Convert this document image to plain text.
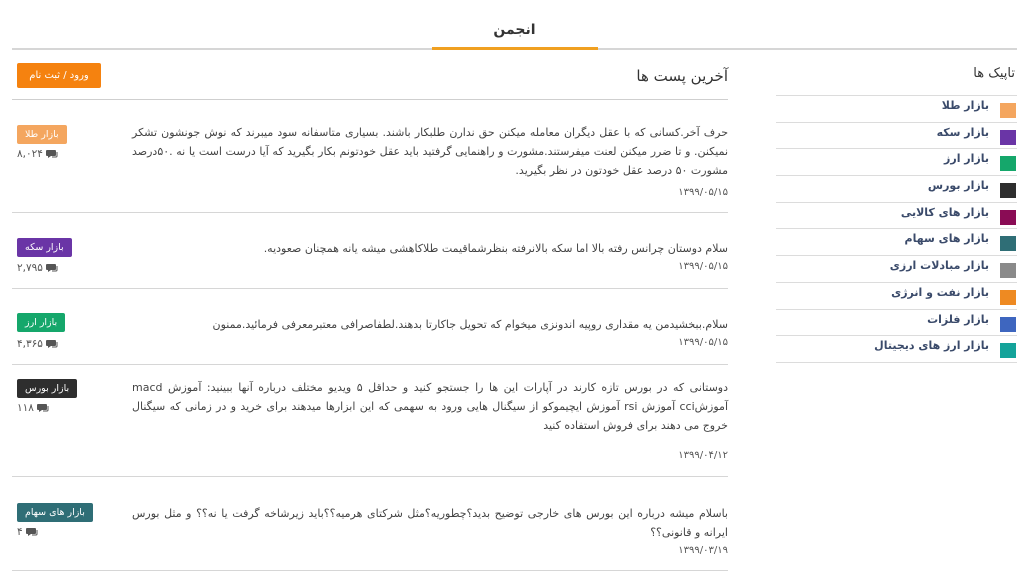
انجمن
تاپیک ها
بازار طلا
بازار سکه
بازار ارز
بازار بورس
بازار های کالایی
بازار های سهام
بازار مبادلات ارزی
بازار نفت و انرژی
بازار فلزات
بازار ارز های دیجیتال
آخرین پست ها
ورود / ثبت نام

حرف آخر.کسانی که با عقل دیگران معامله میکنن حق ندارن طلبکار باشند. بسیاری متاسفانه سود میبرند که نوش جونشون تشکر نمیکنن. و تا ضرر میکنن لعنت میفرستند.مشورت و راهنمایی گرفتید باید عقل خودتونم بکار بگیرید که آیا درست است یا نه .۵۰درصد مشورت ۵۰ درصد عقل خودتون در نظر بگیرید.

۱۳۹۹/۰۵/۱۵
بازار طلا
۸,۰۲۴

سلام دوستان چرانس رفته بالا اما سکه بالانرفته بنظرشماقیمت طلاکاهشی میشه یانه همچنان صعودیه.

۱۳۹۹/۰۵/۱۵
بازار سکه
۲,۷۹۵

سلام.ببخشیدمن یه مقداری روپیه اندونزی میخوام که تحویل جاکارتا بدهند.لطفاصرافی معتبرمعرفی فرمائید.ممنون

۱۳۹۹/۰۵/۱۵
بازار ارز
۴,۳۶۵

دوستانی که در بورس تازه کارند در آپارات این ها را جستجو کنید و حداقل ۵ ویدیو مختلف درباره آنها ببینید: آموزش macd آموزشcci آموزش rsi آموزش ایچیموکو از سیگنال هایی ورود به سهمی که این ابزارها میدهند برای خرید و در زمانی که سیگنال خروج می دهند برای فروش استفاده کنید

۱۳۹۹/۰۴/۱۲
بازار بورس
۱۱۸

باسلام میشه درباره این بورس های خارجی توضیح بدید؟چطوریه؟مثل شرکتای هرمیه؟؟باید زیرشاخه گرفت یا نه؟؟ و مثل بورس ایرانه و قانونی؟؟

۱۳۹۹/۰۳/۱۹
بازار های سهام
۴
